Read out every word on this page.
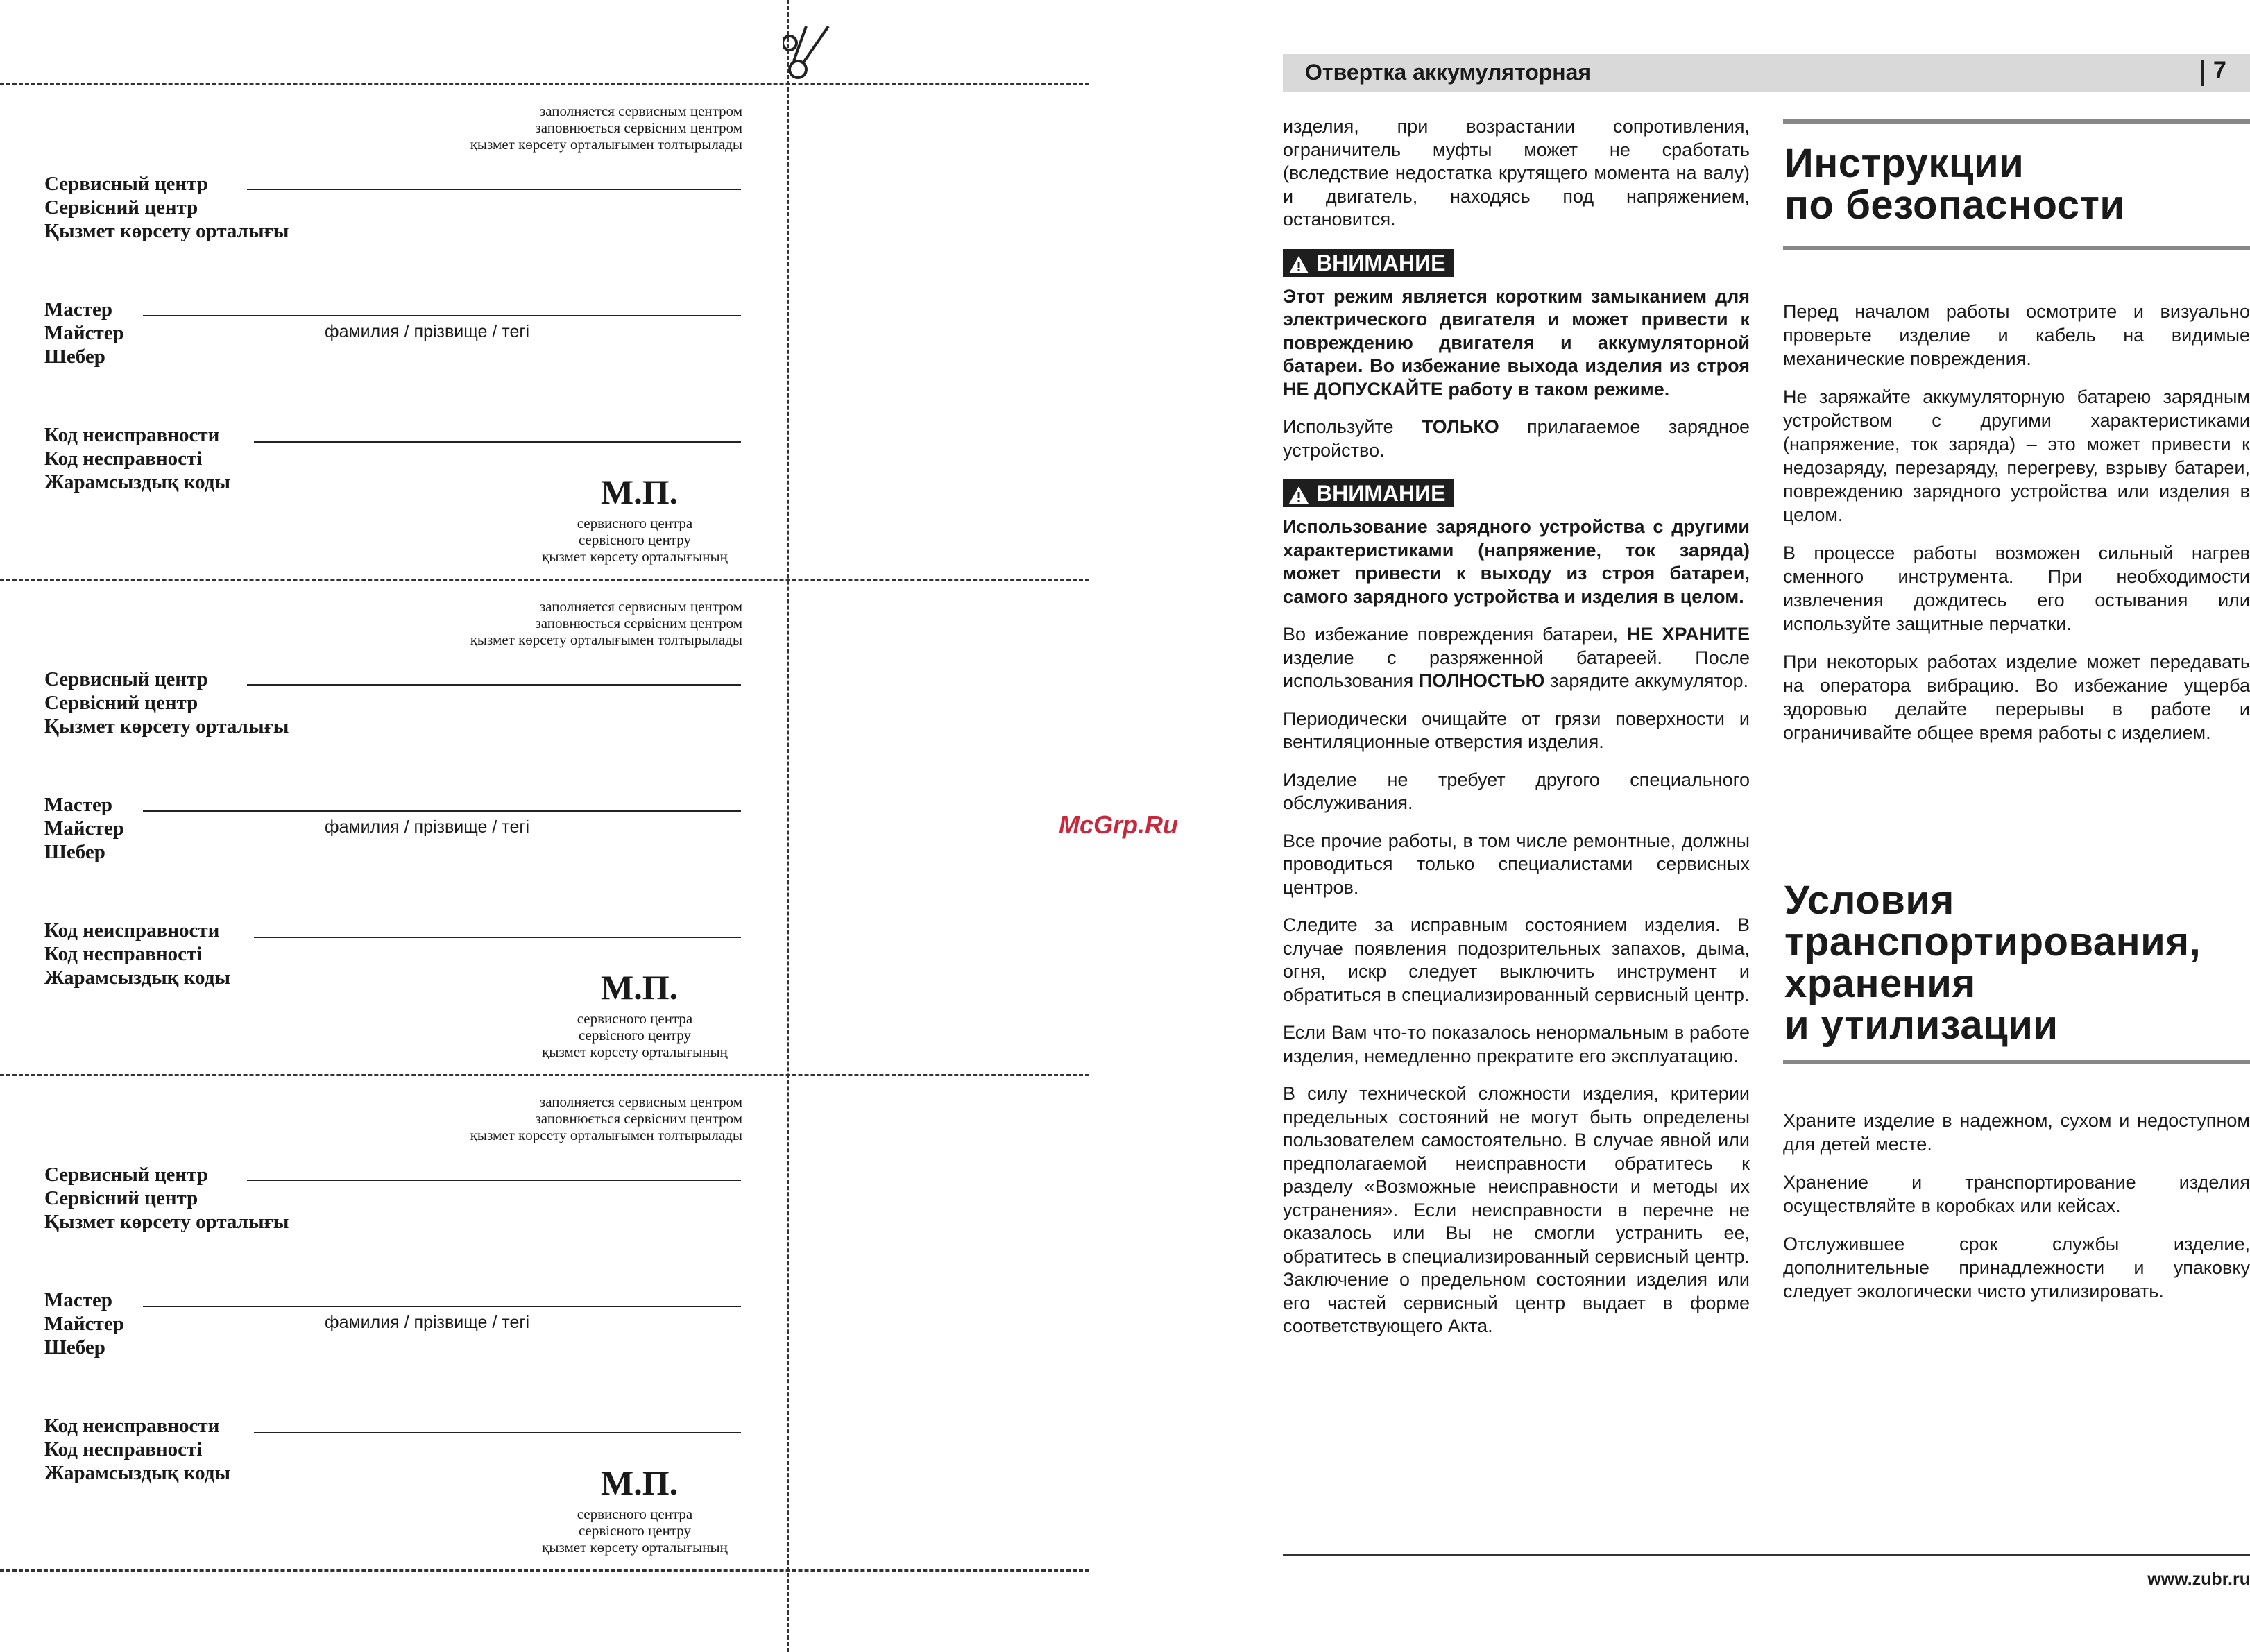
заполняется сервисным центром
заповнюється сервісним центром
қызмет көрсету орталығымен толтырылады
Сервисный центр
Сервісний центр
Қызмет көрсету орталығы
Мастер
Майстер
Шебер
фамилия / прізвище / тегі
Код неисправности
Код несправності
Жарамсыздық коды	М.П.
сервисного центра
сервісного центру
қызмет көрсету орталығының
заполняется сервисным центром
заповнюється сервісним центром
қызмет көрсету орталығымен толтырылады
Сервисный центр
Сервісний центр
Қызмет көрсету орталығы
Мастер
Майстер
Шебер
фамилия / прізвище / тегі
Код неисправности
Код несправності
Жарамсыздық коды	М.П.
сервисного центра
сервісного центру
қызмет көрсету орталығының
заполняется сервисным центром
заповнюється сервісним центром
қызмет көрсету орталығымен толтырылады
Сервисный центр
Сервісний центр
Қызмет көрсету орталығы
Мастер
Майстер
Шебер
фамилия / прізвище / тегі
Код неисправности
Код несправності
Жарамсыздық коды	М.П.
сервисного центра
сервісного центру
қызмет көрсету орталығының
McGrp.Ru
Отвертка аккумуляторная	7

изделия, при возрастании сопротивления, ограничитель муфты может не сработать (вследствие недостатка крутящего момента на валу) и двигатель, находясь под напряжением, остановится.

ВНИМАНИЕ

Этот режим является коротким замыканием для электрического двигателя и может привести к повреждению двигателя и аккумуляторной батареи. Во избежание выхода изделия из строя НЕ ДОПУСКАЙТЕ работу в таком режиме.

Используйте ТОЛЬКО прилагаемое зарядное устройство.

ВНИМАНИЕ

Использование зарядного устройства с другими характеристиками (напряжение, ток заряда) может привести к выходу из строя батареи, самого зарядного устройства и изделия в целом.

Во избежание повреждения батареи, НЕ ХРАНИТЕ изделие с разряженной батареей. После использования ПОЛНОСТЬЮ зарядите аккумулятор.

Периодически очищайте от грязи поверхности и вентиляционные отверстия изделия.

Изделие не требует другого специального обслуживания.

Все прочие работы, в том числе ремонтные, должны проводиться только специалистами сервисных центров.

Следите за исправным состоянием изделия. В случае появления подозрительных запахов, дыма, огня, искр следует выключить инструмент и обратиться в специализированный сервисный центр.

Если Вам что-то показалось ненормальным в работе изделия, немедленно прекратите его эксплуатацию.

В силу технической сложности изделия, критерии предельных состояний не могут быть определены пользователем самостоятельно. В случае явной или предполагаемой неисправности обратитесь к разделу «Возможные неисправности и методы их устранения». Если неисправности в перечне не оказалось или Вы не смогли устранить ее, обратитесь в специализированный сервисный центр. Заключение о предельном состоянии изделия или его частей сервисный центр выдает в форме соответствующего Акта.

Инструкции
по безопасности

Перед началом работы осмотрите и визуально проверьте изделие и кабель на видимые механические повреждения.

Не заряжайте аккумуляторную батарею зарядным устройством с другими характеристиками (напряжение, ток заряда) – это может привести к недозаряду, перезаряду, перегреву, взрыву батареи, повреждению зарядного устройства или изделия в целом.

В процессе работы возможен сильный нагрев сменного инструмента. При необходимости извлечения дождитесь его остывания или используйте защитные перчатки.

При некоторых работах изделие может передавать на оператора вибрацию. Во избежание ущерба здоровью делайте перерывы в работе и ограничивайте общее время работы с изделием.

Условия
транспортирования,
хранения
и утилизации

Храните изделие в надежном, сухом и недоступном для детей месте.

Хранение и транспортирование изделия осуществляйте в коробках или кейсах.

Отслужившее срок службы изделие, дополнительные принадлежности и упаковку следует экологически чисто утилизировать.

www.zubr.ru
